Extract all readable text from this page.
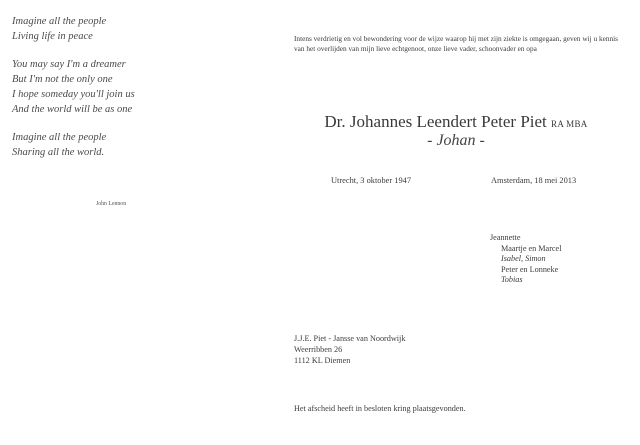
Imagine all the people
Living life in peace
You may say I'm a dreamer
But I'm not the only one
I hope someday you'll join us
And the world will be as one
Imagine all the people
Sharing all the world.
John Lennon
Intens verdrietig en vol bewondering voor de wijze waarop hij met zijn ziekte is omgegaan, geven wij u kennis van het overlijden van mijn lieve echtgenoot, onze lieve vader, schoonvader en opa
Dr. Johannes Leendert Peter Piet RA MBA
- Johan -
Utrecht, 3 oktober 1947	Amsterdam, 18 mei 2013
Jeannette
Maartje en Marcel
Isabel, Simon
Peter en Lonneke
Tobias
J.J.E. Piet - Jansse van Noordwijk
Weerribben 26
1112 KL Diemen
Het afscheid heeft in besloten kring plaatsgevonden.
